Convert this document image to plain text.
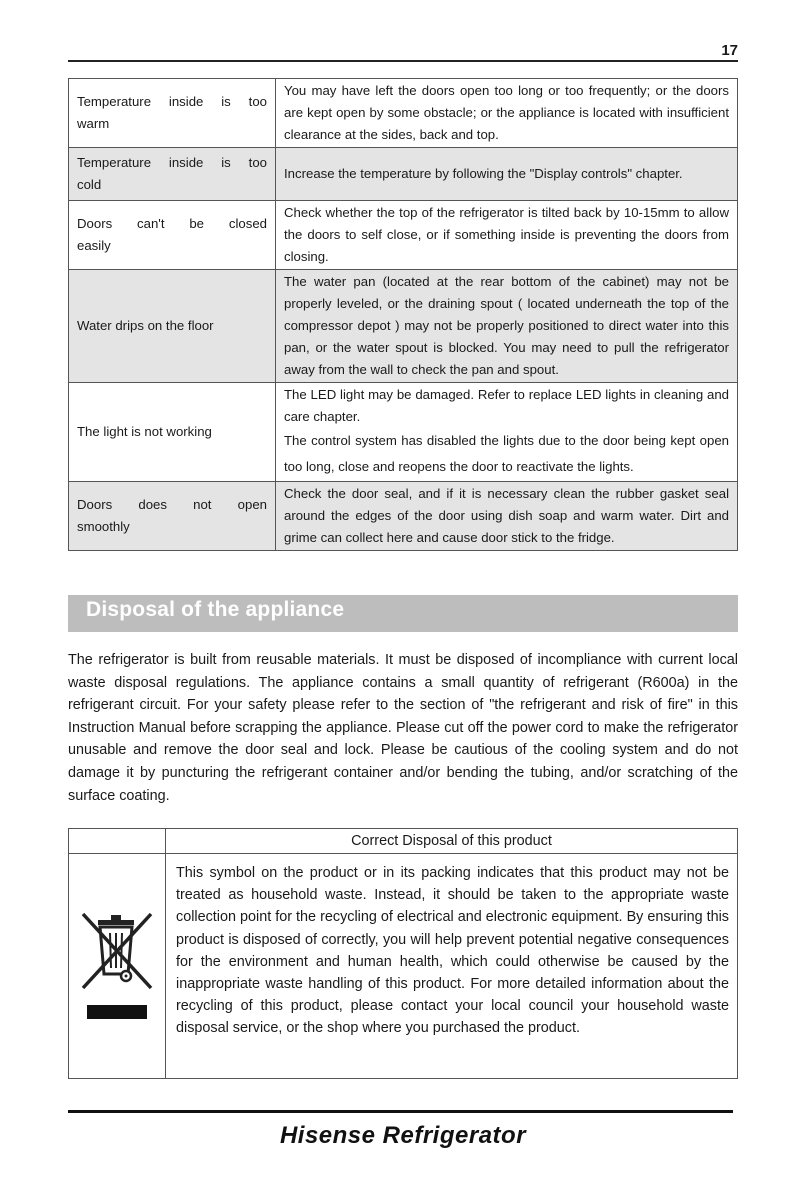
17
Temperature inside is too
warm	You may have left the doors open too long or too frequently; or the doors are kept open by some obstacle; or the appliance is located with insufficient clearance at the sides, back and top.

Temperature inside is too
cold	Increase the temperature by following the "Display controls" chapter.

Doors can't be closed
easily	Check whether the top of the refrigerator is tilted back by 10-15mm to allow the doors to self close, or if something inside is preventing the doors from closing.

Water drips on the floor	The water pan (located at the rear bottom of the cabinet) may not be properly leveled, or the draining spout ( located underneath the top of the compressor depot ) may not be properly positioned to direct water into this pan, or the water spout is blocked. You may need to pull the refrigerator away from the wall to check the pan and spout.

The light is not working	The LED light may be damaged. Refer to replace LED lights in cleaning and care chapter.
The control system has disabled the lights due to the door being kept open too long, close and reopens the door to reactivate the lights.

Doors does not open
smoothly	Check the door seal, and if it is necessary clean the rubber gasket seal around the edges of the door using dish soap and warm water. Dirt and grime can collect here and cause door stick to the fridge.
Disposal of the appliance

The refrigerator is built from reusable materials. It must be disposed of incompliance with current local waste disposal regulations. The appliance contains a small quantity of refrigerant (R600a) in the refrigerant circuit. For your safety please refer to the section of "the refrigerant and risk of fire" in this Instruction Manual before scrapping the appliance. Please cut off the power cord to make the refrigerator unusable and remove the door seal and lock. Please be cautious of the cooling system and do not damage it by puncturing the refrigerant container and/or bending the tubing, and/or scratching of the surface coating.

	Correct Disposal of this product
	This symbol on the product or in its packing indicates that this product may not be treated as household waste. Instead, it should be taken to the appropriate waste collection point for the recycling of electrical and electronic equipment. By ensuring this product is disposed of correctly, you will help prevent potential negative consequences for the environment and human health, which could otherwise be caused by the inappropriate waste handling of this product. For more detailed information about the recycling of this product, please contact your local council your household waste disposal service, or the shop where you purchased the product.
Hisense Refrigerator
